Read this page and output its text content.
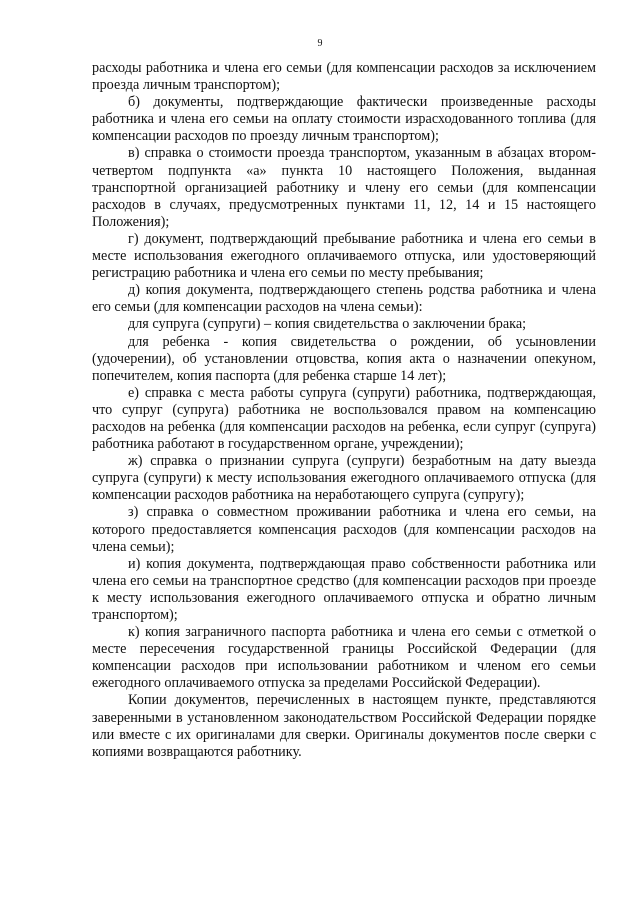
9

расходы работника и члена его семьи (для компенсации расходов за исключением проезда личным транспортом);

б) документы, подтверждающие фактически произведенные расходы работника и члена его семьи на оплату стоимости израсходованного топлива (для компенсации расходов по проезду личным транспортом);

в) справка о стоимости проезда транспортом, указанным в абзацах втором-четвертом подпункта «а» пункта 10 настоящего Положения, выданная транспортной организацией работнику и члену его семьи (для компенсации расходов в случаях, предусмотренных пунктами 11, 12, 14 и 15 настоящего Положения);

г) документ, подтверждающий пребывание работника и члена его семьи в месте использования ежегодного оплачиваемого отпуска, или удостоверяющий регистрацию работника и члена его семьи по месту пребывания;

д) копия документа, подтверждающего степень родства работника и члена его семьи (для компенсации расходов на члена семьи):

для супруга (супруги) – копия свидетельства о заключении брака;

для ребенка - копия свидетельства о рождении, об усыновлении (удочерении), об установлении отцовства, копия акта о назначении опекуном, попечителем, копия паспорта (для ребенка старше 14 лет);

е) справка с места работы супруга (супруги) работника, подтверждающая, что супруг (супруга) работника не воспользовался правом на компенсацию расходов на ребенка (для компенсации расходов на ребенка, если супруг (супруга) работника работают в государственном органе, учреждении);

ж) справка о признании супруга (супруги) безработным на дату выезда супруга (супруги) к месту использования ежегодного оплачиваемого отпуска (для компенсации расходов работника на неработающего супруга (супругу);

з) справка о совместном проживании работника и члена его семьи, на которого предоставляется компенсация расходов (для компенсации расходов на члена семьи);

и) копия документа, подтверждающая право собственности работника или члена его семьи на транспортное средство (для компенсации расходов при проезде к месту использования ежегодного оплачиваемого отпуска и обратно личным транспортом);

к) копия заграничного паспорта работника и члена его семьи с отметкой о месте пересечения государственной границы Российской Федерации (для компенсации расходов при использовании работником и членом его семьи ежегодного оплачиваемого отпуска за пределами Российской Федерации).

Копии документов, перечисленных в настоящем пункте, представляются заверенными в установленном законодательством Российской Федерации порядке или вместе с их оригиналами для сверки. Оригиналы документов после сверки с копиями возвращаются работнику.
